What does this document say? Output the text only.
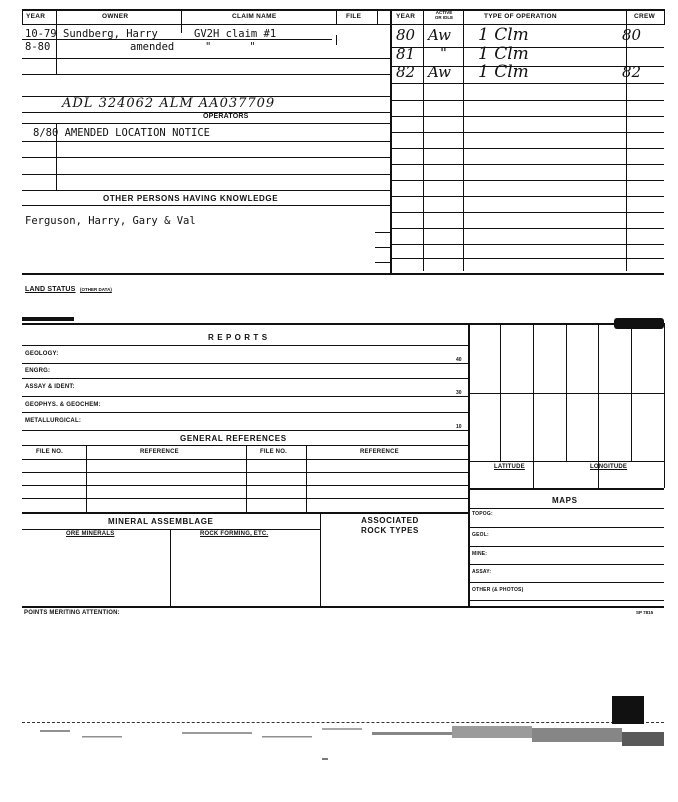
YEAR	OWNER	CLAIM NAME	FILE	YEAR
ACTIVE
OR IDLE	TYPE OF OPERATION	CREW
10-79 Sundberg, Harry	GV2H claim #1
8-80	amended	"      "
ADL 324062 ALM AA037709
OPERATORS
8/80 AMENDED LOCATION NOTICE
OTHER PERSONS HAVING KNOWLEDGE
Ferguson, Harry, Gary & Val
80 Aw 1 Clm	80
81 " 1 Clm
82 Aw 1 Clm	82
LAND STATUS (OTHER DATA)
R E P O R T S
GEOLOGY:
40
ENGRG:
ASSAY & IDENT:
30
GEOPHYS. & GEOCHEM:
METALLURGICAL:
10
GENERAL REFERENCES
FILE NO.	REFERENCE	FILE NO.	REFERENCE
LATITUDE	LONGITUDE
MAPS
TOPOG:
GEOL:
MINE:
ASSAY:
OTHER (& PHOTOS)
MINERAL ASSEMBLAGE	ASSOCIATED
ROCK TYPES
ORE MINERALS	ROCK FORMING, ETC.
POINTS MERITING ATTENTION:	SP 7815
